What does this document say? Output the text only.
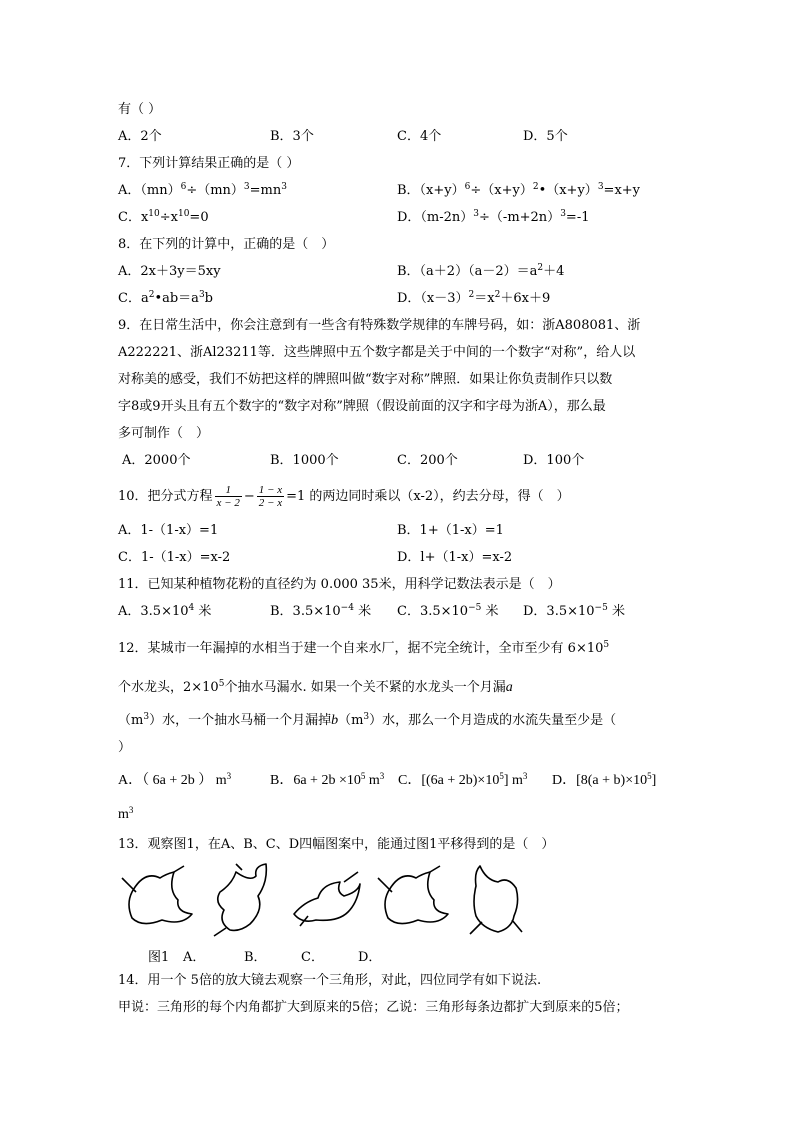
有（ ）
A．2个	B．3个	C．4个	D．5个
7．下列计算结果正确的是（ ）
A．$(mn)^6\div(mn)^3=mn^3$	B．$(x+y)^6\div(x+y)^2•(x+y)^3=x+y$
C．$x^{10}\div x^{10}=0$	D．$(m-2n)^3\div(-m+2n)^3=-1$
8．在下列的计算中，正确的是（　）
A．2x＋3y＝5xy	B．$(a+2)(a-2)=a^2+4$
C．$a^2•ab=a^3b$	D．$(x-3)^2=x^2+6x+9$
9．在日常生活中，你会注意到有一些含有特殊数学规律的车牌号码，如：浙A808081、浙
A222221、浙Al23211等．这些牌照中五个数字都是关于中间的一个数字“对称”，给人以
对称美的感受，我们不妨把这样的牌照叫做“数字对称”牌照．如果让你负责制作只以数
字8或9开头且有五个数字的“数字对称”牌照（假设前面的汉字和字母为浙A），那么最
多可制作（　）
A．2000个	B．1000个	C．200个	D．100个
10．把分式方程 $\frac{1}{x - 2} - \frac{1 - x}{2 - x} =1$ 的两边同时乘以（x-2），约去分母，得（　）
A．1-（1-x）=1	B．1+（1-x）=1
C．1-（1-x）=x-2	D．l+（1-x）=x-2
11．已知某种植物花粉的直径约为 0.000 35米，用科学记数法表示是（　）
A．$3.5\times 10^4$ 米	B．$3.5\times 10^{-4}$ 米 C．$3.5\times 10^{-5}$ 米 D．$3.5\times 10^{-5}$ 米
12．某城市一年漏掉的水相当于建一个自来水厂，据不完全统计，全市至少有 $6\times 10^5$
个水龙头，$2\times 10^5$个抽水马漏水. 如果一个关不紧的水龙头一个月漏a
$(m^3)$水，一个抽水马桶一个月漏掉$b(m^3)$水，那么一个月造成的水流失量至少是（
）
A．（ 6a + 2b ） $m^3$	B．$6a + 2b \times 10^5$ $m^3$ C．$[(6a + 2b)\times 10^5]$ $m^3$ D．$[8(a + b)\times 10^5]$
$m^3$
13．观察图1，在A、B、C、D四幅图案中，能通过图1平移得到的是（　）
图1 A．	B．	C．	D．
14．用一个 5倍的放大镜去观察一个三角形，对此，四位同学有如下说法.
甲说：三角形的每个内角都扩大到原来的5倍；乙说：三角形每条边都扩大到原来的5倍；
